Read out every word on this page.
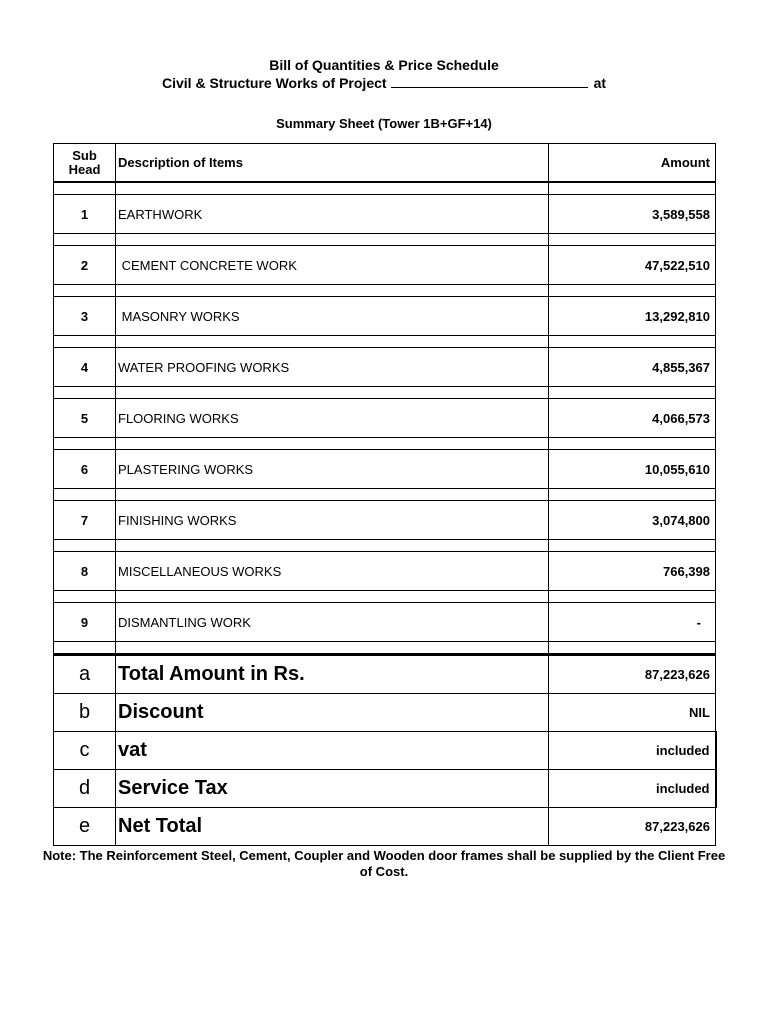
Bill of Quantities & Price Schedule
Civil & Structure Works of Project	at
Summary Sheet (Tower 1B+GF+14)
Sub Head	Description of Items	Amount

1	EARTHWORK	3,589,558

2	CEMENT CONCRETE WORK	47,522,510

3	MASONRY WORKS	13,292,810

4	WATER PROOFING WORKS	4,855,367

5	FLOORING WORKS	4,066,573

6	PLASTERING WORKS	10,055,610

7	FINISHING WORKS	3,074,800

8	MISCELLANEOUS WORKS	766,398

9	DISMANTLING WORK	-

a	Total Amount in Rs.	87,223,626
b	Discount	NIL
c	vat	included
d	Service Tax	included
e	Net Total	87,223,626
Note: The Reinforcement Steel, Cement, Coupler and Wooden door frames shall be supplied by the Client Free of Cost.
